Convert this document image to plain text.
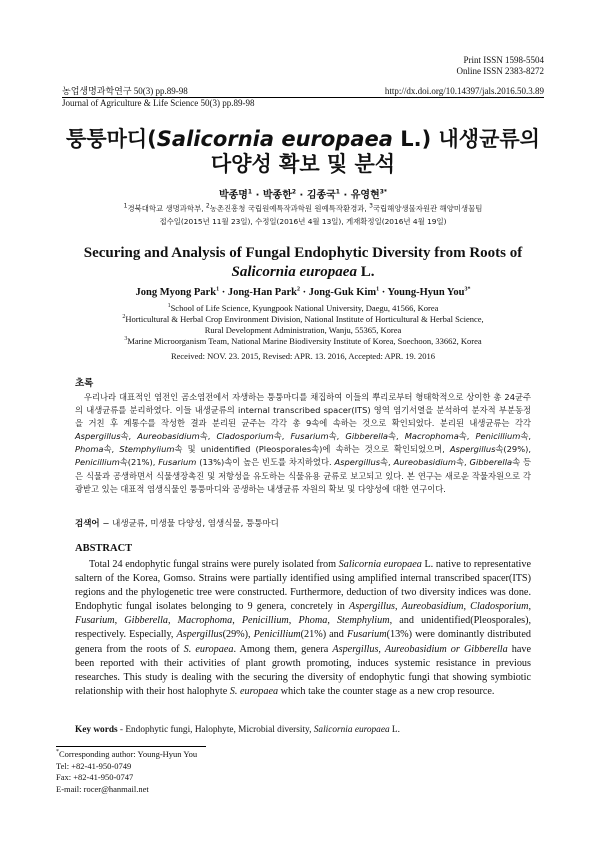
Print ISSN 1598-5504
Online ISSN 2383-8272
농업생명과학연구 50(3) pp.89-98	http://dx.doi.org/10.14397/jals.2016.50.3.89
Journal of Agriculture & Life Science 50(3) pp.89-98
퉁퉁마디(Salicornia europaea L.) 내생균류의
다양성 확보 및 분석
박종명$^1$ · 박종한$^2$ · 김종국$^1$ · 유영현$^{3*}$
$^1$경북대학교 생명과학부, $^2$농촌진흥청 국립원예특작과학원 원예특작환경과, $^3$국립해양생물자원관 해양미생물팀
접수일(2015년 11월 23일), 수정일(2016년 4월 13일), 게재확정일(2016년 4월 19일)
Securing and Analysis of Fungal Endophytic Diversity from Roots of
Salicornia europaea L.
Jong Myong Park$^1$ · Jong-Han Park$^2$ · Jong-Guk Kim$^1$ · Young-Hyun You$^{3*}$
$^1$School of Life Science, Kyungpook National University, Daegu, 41566, Korea
$^2$Horticultural & Herbal Crop Environment Division, National Institute of Horticultural & Herbal Science,
Rural Development Administration, Wanju, 55365, Korea
$^3$Marine Microorganism Team, National Marine Biodiversity Institute of Korea, Soechoon, 33662, Korea
Received: NOV. 23. 2015, Revised: APR. 13. 2016, Accepted: APR. 19. 2016
초록
우리나라 대표적인 염전인 곰소염전에서 자생하는 퉁퉁마디를 채집하여 이들의 뿌리로부터 형태학적으로 상이한 총 24균주의 내생균류를 분리하였다. 이들 내생균류의 internal transcribed spacer(ITS) 영역 염기서열을 분석하여 분자적 부분동정을 거친 후 계통수를 작성한 결과 분리된 균주는 각각 총 9속에 속하는 것으로 확인되었다. 분리된 내생균류는 각각 Aspergillus속, Aureobasidium속, Cladosporium속, Fusarium속, Gibberella속, Macrophoma속, Penicillium속, Phoma속, Stemphylium속 및 unidentified (Pleosporales속)에 속하는 것으로 확인되었으며, Aspergillus속(29%), Penicillium속(21%), Fusarium (13%)속이 높은 빈도를 차지하였다. Aspergillus속, Aureobasidium속, Gibberella속 등은 식물과 공생하면서 식물생장촉진 및 저항성을 유도하는 식물유용 균류로 보고되고 있다. 본 연구는 새로운 작물자원으로 각광받고 있는 대표적 염생식물인 퉁퉁마디와 공생하는 내생균류 자원의 확보 및 다양성에 대한 연구이다.
검색어 − 내생균류, 미생물 다양성, 염생식물, 퉁퉁마디
ABSTRACT
Total 24 endophytic fungal strains were purely isolated from Salicornia europaea L. native to representative saltern of the Korea, Gomso. Strains were partially identified using amplified internal transcribed spacer(ITS) regions and the phylogenetic tree were constructed. Furthermore, deduction of two diversity indices was done. Endophytic fungal isolates belonging to 9 genera, concretely in Aspergillus, Aureobasidium, Cladosporium, Fusarium, Gibberella, Macrophoma, Penicillium, Phoma, Stemphylium, and unidentified(Pleosporales), respectively. Especially, Aspergillus(29%), Penicillium(21%) and Fusarium(13%) were dominantly distributed genera from the roots of S. europaea. Among them, genera Aspergillus, Aureobasidium or Gibberella have been reported with their activities of plant growth promoting, induces systemic resistance in previous researches. This study is dealing with the securing the diversity of endophytic fungi that showing symbiotic relationship with their host halophyte S. europaea which take the counter stage as a new crop resource.
Key words - Endophytic fungi, Halophyte, Microbial diversity, Salicornia europaea L.
*Corresponding author: Young-Hyun You
Tel: +82-41-950-0749
Fax: +82-41-950-0747
E-mail: rocer@hanmail.net
